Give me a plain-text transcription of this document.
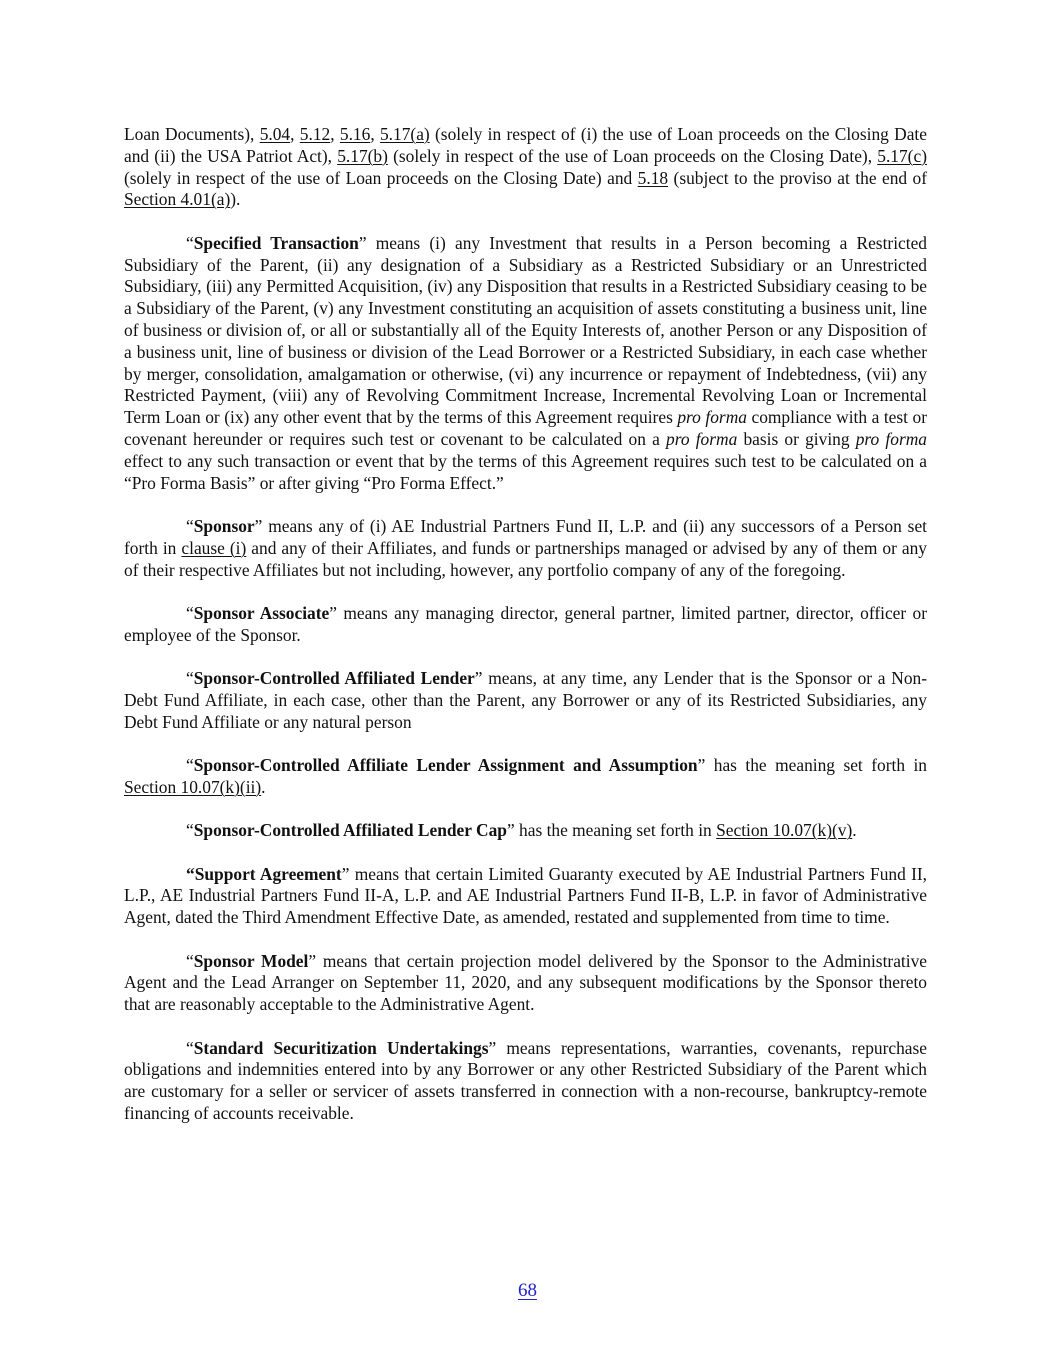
Loan Documents), 5.04, 5.12, 5.16, 5.17(a) (solely in respect of (i) the use of Loan proceeds on the Closing Date and (ii) the USA Patriot Act), 5.17(b) (solely in respect of the use of Loan proceeds on the Closing Date), 5.17(c) (solely in respect of the use of Loan proceeds on the Closing Date) and 5.18 (subject to the proviso at the end of Section 4.01(a)).

“Specified Transaction” means (i) any Investment that results in a Person becoming a Restricted Subsidiary of the Parent, (ii) any designation of a Subsidiary as a Restricted Subsidiary or an Unrestricted Subsidiary, (iii) any Permitted Acquisition, (iv) any Disposition that results in a Restricted Subsidiary ceasing to be a Subsidiary of the Parent, (v) any Investment constituting an acquisition of assets constituting a business unit, line of business or division of, or all or substantially all of the Equity Interests of, another Person or any Disposition of a business unit, line of business or division of the Lead Borrower or a Restricted Subsidiary, in each case whether by merger, consolidation, amalgamation or otherwise, (vi) any incurrence or repayment of Indebtedness, (vii) any Restricted Payment, (viii) any of Revolving Commitment Increase, Incremental Revolving Loan or Incremental Term Loan or (ix) any other event that by the terms of this Agreement requires pro forma compliance with a test or covenant hereunder or requires such test or covenant to be calculated on a pro forma basis or giving pro forma effect to any such transaction or event that by the terms of this Agreement requires such test to be calculated on a “Pro Forma Basis” or after giving “Pro Forma Effect.”

“Sponsor” means any of (i) AE Industrial Partners Fund II, L.P. and (ii) any successors of a Person set forth in clause (i) and any of their Affiliates, and funds or partnerships managed or advised by any of them or any of their respective Affiliates but not including, however, any portfolio company of any of the foregoing.

“Sponsor Associate” means any managing director, general partner, limited partner, director, officer or employee of the Sponsor.

“Sponsor-Controlled Affiliated Lender” means, at any time, any Lender that is the Sponsor or a Non-Debt Fund Affiliate, in each case, other than the Parent, any Borrower or any of its Restricted Subsidiaries, any Debt Fund Affiliate or any natural person

“Sponsor-Controlled Affiliate Lender Assignment and Assumption” has the meaning set forth in Section 10.07(k)(ii).

“Sponsor-Controlled Affiliated Lender Cap” has the meaning set forth in Section 10.07(k)(v).

“Support Agreement” means that certain Limited Guaranty executed by AE Industrial Partners Fund II, L.P., AE Industrial Partners Fund II-A, L.P. and AE Industrial Partners Fund II-B, L.P. in favor of Administrative Agent, dated the Third Amendment Effective Date, as amended, restated and supplemented from time to time.

“Sponsor Model” means that certain projection model delivered by the Sponsor to the Administrative Agent and the Lead Arranger on September 11, 2020, and any subsequent modifications by the Sponsor thereto that are reasonably acceptable to the Administrative Agent.

“Standard Securitization Undertakings” means representations, warranties, covenants, repurchase obligations and indemnities entered into by any Borrower or any other Restricted Subsidiary of the Parent which are customary for a seller or servicer of assets transferred in connection with a non-recourse, bankruptcy-remote financing of accounts receivable.

68
